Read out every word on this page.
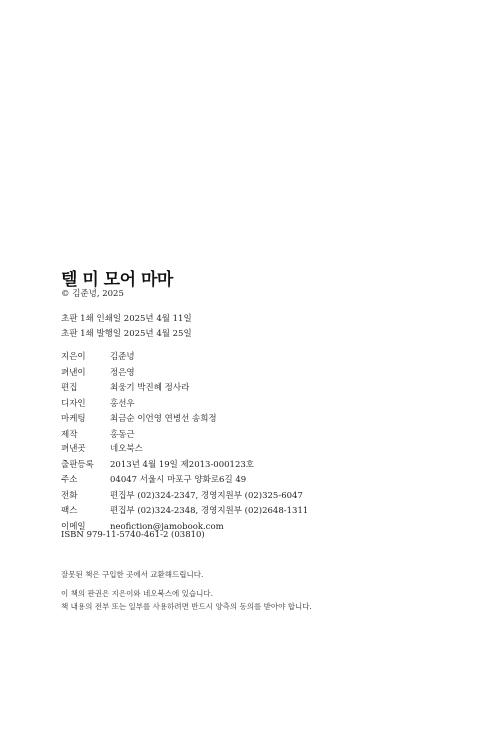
텔 미 모어 마마
© 김준녕, 2025
초판 1쇄 인쇄일 2025년 4월 11일
초판 1쇄 발행일 2025년 4월 25일
지은이	김준녕
펴낸이	정은영
편집	최웅기 박진혜 정사라
디자인	홍선우
마케팅	최금순 이언영 연병선 송희정
제작	홍동근
펴낸곳	네오북스
출판등록	2013년 4월 19일 제2013-000123호
주소	04047 서울시 마포구 양화로6길 49
전화	편집부 (02)324-2347, 경영지원부 (02)325-6047
팩스	편집부 (02)324-2348, 경영지원부 (02)2648-1311
이메일	neofiction@jamobook.com
ISBN 979-11-5740-461-2 (03810)
잘못된 책은 구입한 곳에서 교환해드립니다.
이 책의 판권은 지은이와 네오북스에 있습니다.
책 내용의 전부 또는 일부를 사용하려면 반드시 양측의 동의를 받아야 합니다.
